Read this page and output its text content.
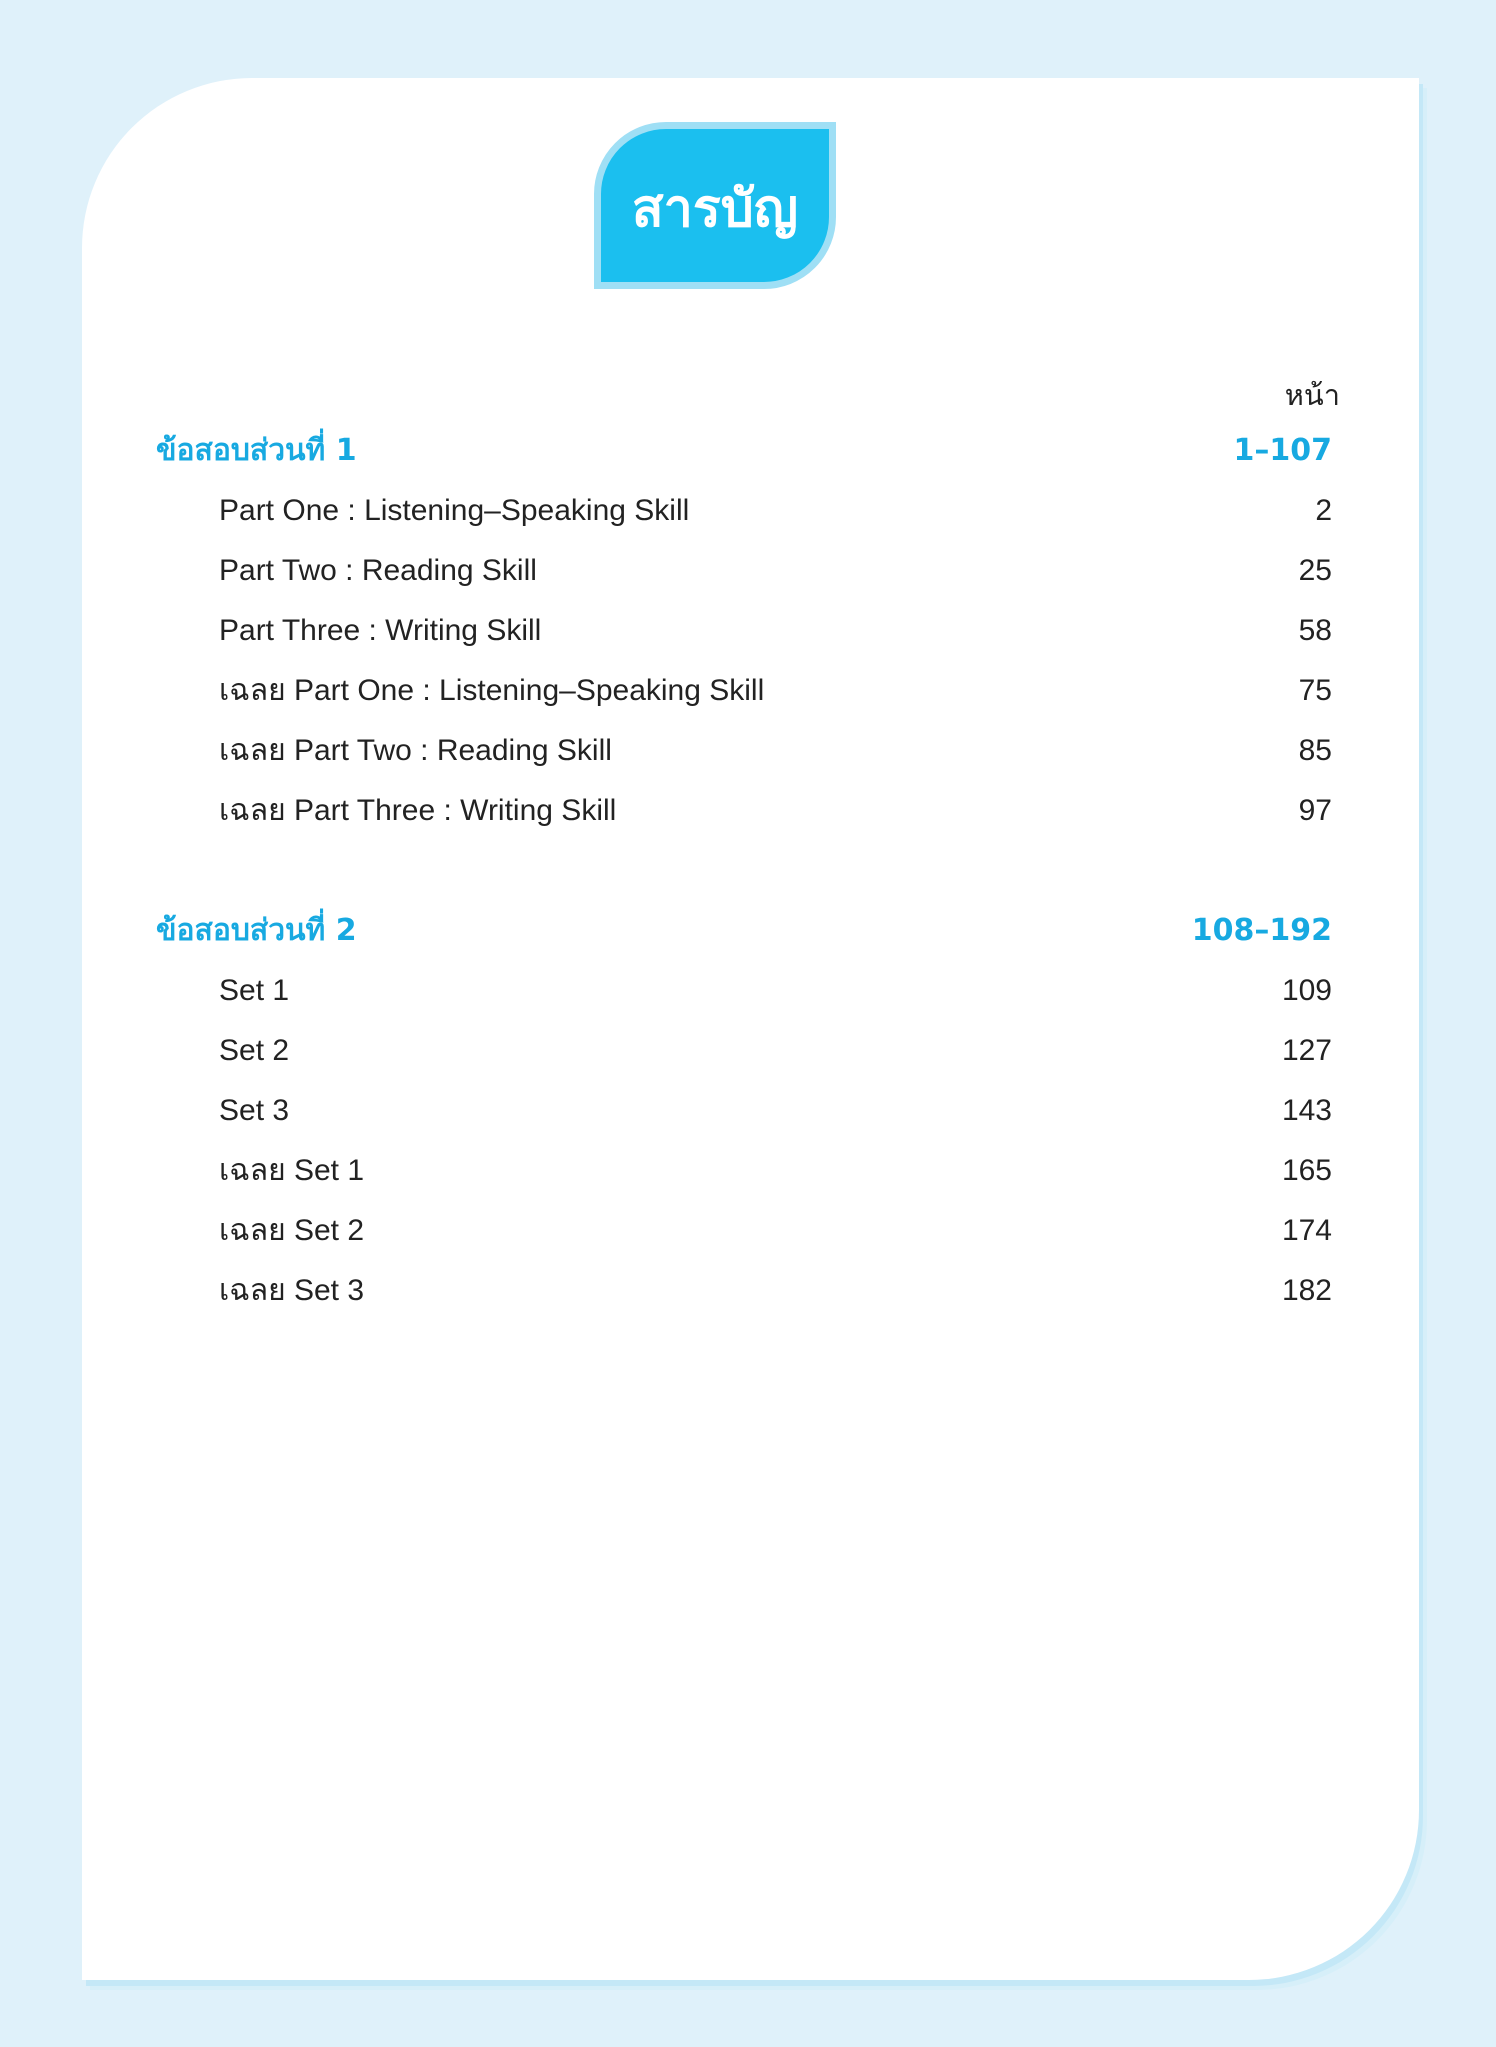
สารบัญ
หน้า
ข้อสอบส่วนที่ 1	1–107
Part One : Listening–Speaking Skill	2
Part Two : Reading Skill	25
Part Three : Writing Skill	58
เฉลย Part One : Listening–Speaking Skill	75
เฉลย Part Two : Reading Skill	85
เฉลย Part Three : Writing Skill	97
ข้อสอบส่วนที่ 2	108–192
Set 1	109
Set 2	127
Set 3	143
เฉลย Set 1	165
เฉลย Set 2	174
เฉลย Set 3	182
